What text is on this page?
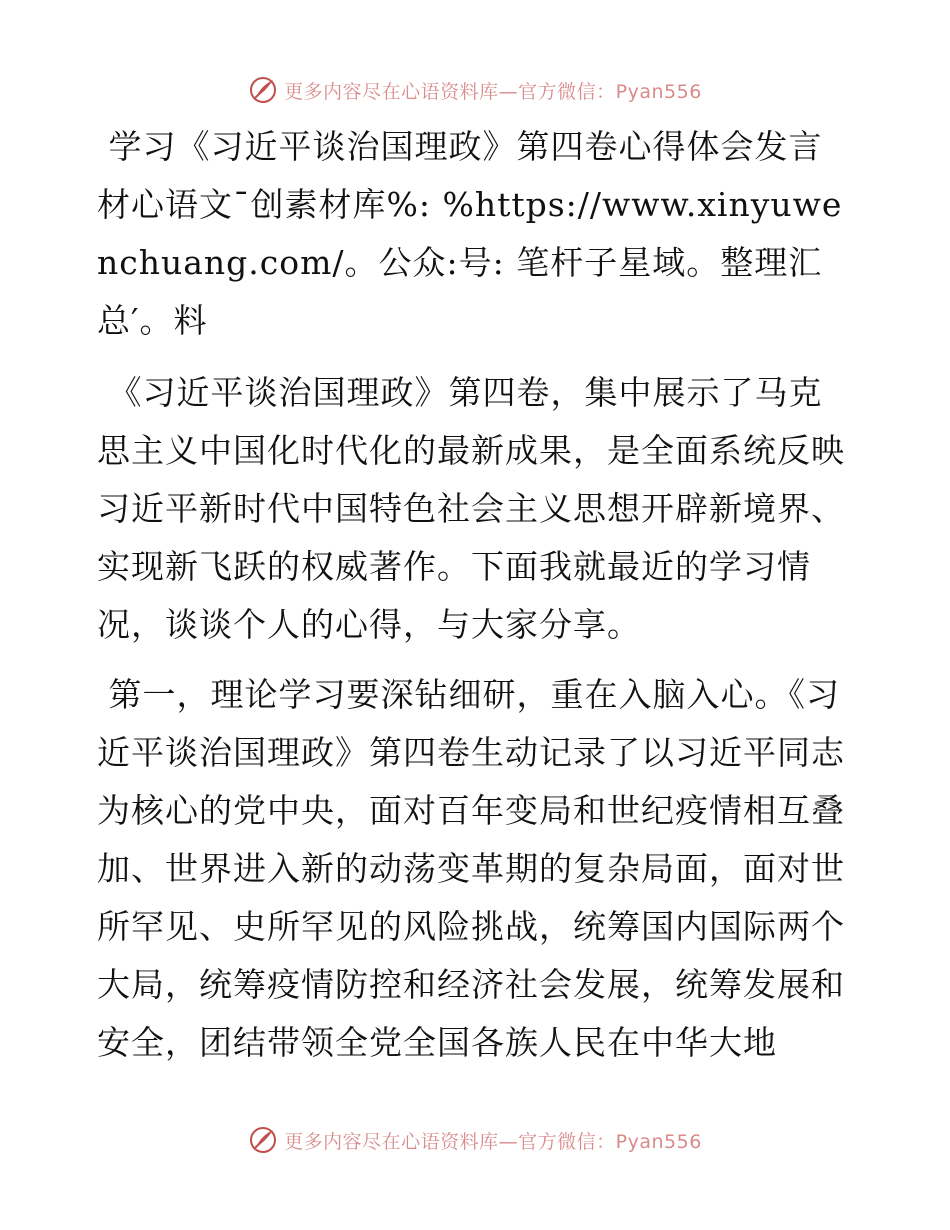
更多内容尽在心语资料库—官方微信：Pyan556

学习《习近平谈治国理政》第四卷心得体会发言材心语文¯创素材库%: %https://www.xinyuwenchuang.com/。公众:号: 笔杆子星域。整理汇总′。料

《习近平谈治国理政》第四卷，集中展示了马克思主义中国化时代化的最新成果，是全面系统反映习近平新时代中国特色社会主义思想开辟新境界、实现新飞跃的权威著作。下面我就最近的学习情况，谈谈个人的心得，与大家分享。

第一，理论学习要深钻细研，重在入脑入心。《习近平谈治国理政》第四卷生动记录了以习近平同志为核心的党中央，面对百年变局和世纪疫情相互叠加、世界进入新的动荡变革期的复杂局面，面对世所罕见、史所罕见的风险挑战，统筹国内国际两个大局，统筹疫情防控和经济社会发展，统筹发展和安全，团结带领全党全国各族人民在中华大地

更多内容尽在心语资料库—官方微信：Pyan556
